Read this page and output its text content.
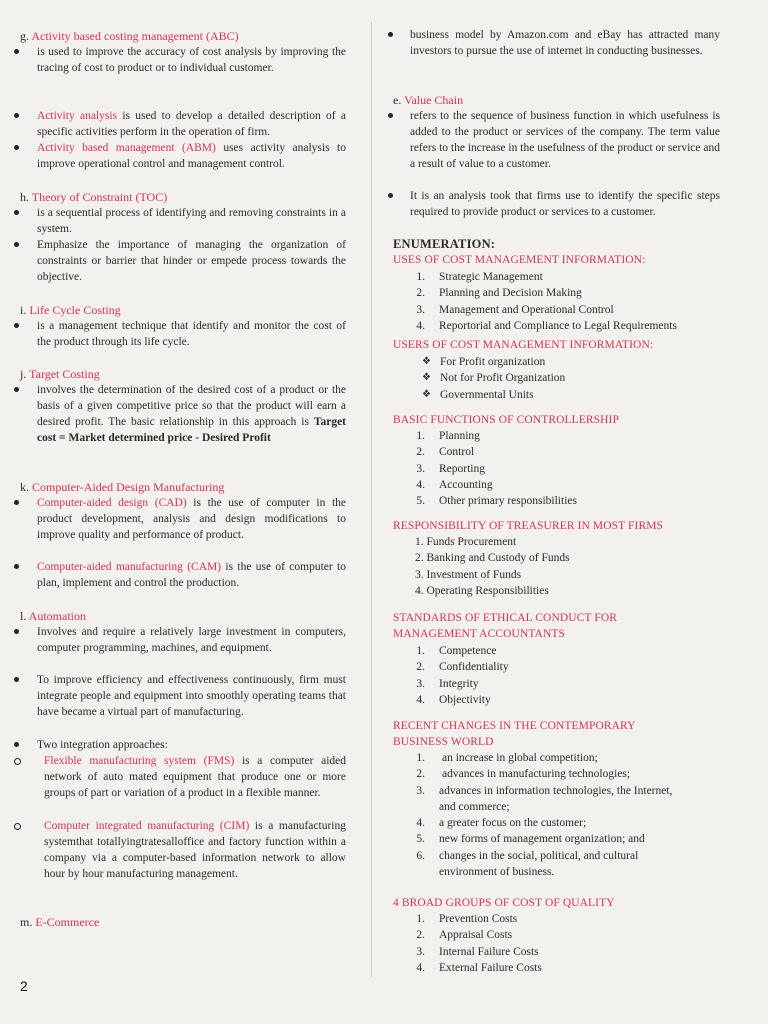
g. Activity based costing management (ABC)
is used to improve the accuracy of cost analysis by improving the tracing of cost to product or to individual customer.
Activity analysis is used to develop a detailed description of a specific activities perform in the operation of firm.
Activity based management (ABM) uses activity analysis to improve operational control and management control.
h. Theory of Constraint (TOC)
is a sequential process of identifying and removing constraints in a system.
Emphasize the importance of managing the organization of constraints or barrier that hinder or empede process towards the objective.
i. Life Cycle Costing
is a management technique that identify and monitor the cost of the product through its life cycle.
j. Target Costing
involves the determination of the desired cost of a product or the basis of a given competitive price so that the product will earn a desired profit. The basic relationship in this approach is Target cost = Market determined price - Desired Profit
k. Computer-Aided Design Manufacturing
Computer-aided design (CAD) is the use of computer in the product development, analysis and design modifications to improve quality and performance of product.
Computer-aided manufacturing (CAM) is the use of computer to plan, implement and control the production.
l. Automation
Involves and require a relatively large investment in computers, computer programming, machines, and equipment.
To improve efficiency and effectiveness continuously, firm must integrate people and equipment into smoothly operating teams that have became a virtual part of manufacturing.
Two integration approaches:
Flexible manufacturing system (FMS) is a computer aided network of auto mated equipment that produce one or more groups of part or variation of a product in a flexible manner.
Computer integrated manufacturing (CIM) is a manufacturing systemthat totallyingtratesalloffice and factory function within a company via a computer-based information network to allow hour by hour manufacturing management.
m. E-Commerce
business model by Amazon.com and eBay has attracted many investors to pursue the use of internet in conducting businesses.
e. Value Chain
refers to the sequence of business function in which usefulness is added to the product or services of the company. The term value refers to the increase in the usefulness of the product or service and a result of value to a customer.
It is an analysis took that firms use to identify the specific steps required to provide product or services to a customer.
ENUMERATION:
USES OF COST MANAGEMENT INFORMATION:
1. Strategic Management
2. Planning and Decision Making
3. Management and Operational Control
4. Reportorial and Compliance to Legal Requirements
USERS OF COST MANAGEMENT INFORMATION:
❖ For Profit organization
❖ Not for Profit Organization
❖ Governmental Units
BASIC FUNCTIONS OF CONTROLLERSHIP
1. Planning
2. Control
3. Reporting
4. Accounting
5. Other primary responsibilities
RESPONSIBILITY OF TREASURER IN MOST FIRMS
1. Funds Procurement
2. Banking and Custody of Funds
3. Investment of Funds
4. Operating Responsibilities
STANDARDS OF ETHICAL CONDUCT FOR
MANAGEMENT ACCOUNTANTS
1. Competence
2. Confidentiality
3. Integrity
4. Objectivity
RECENT CHANGES IN THE CONTEMPORARY
BUSINESS WORLD
1. an increase in global competition;
2. advances in manufacturing technologies;
3. advances in information technologies, the Internet,
and commerce;
4. a greater focus on the customer;
5. new forms of management organization; and
6. changes in the social, political, and cultural
environment of business.
4 BROAD GROUPS OF COST OF QUALITY
1. Prevention Costs
2. Appraisal Costs
3. Internal Failure Costs
4. External Failure Costs
2
